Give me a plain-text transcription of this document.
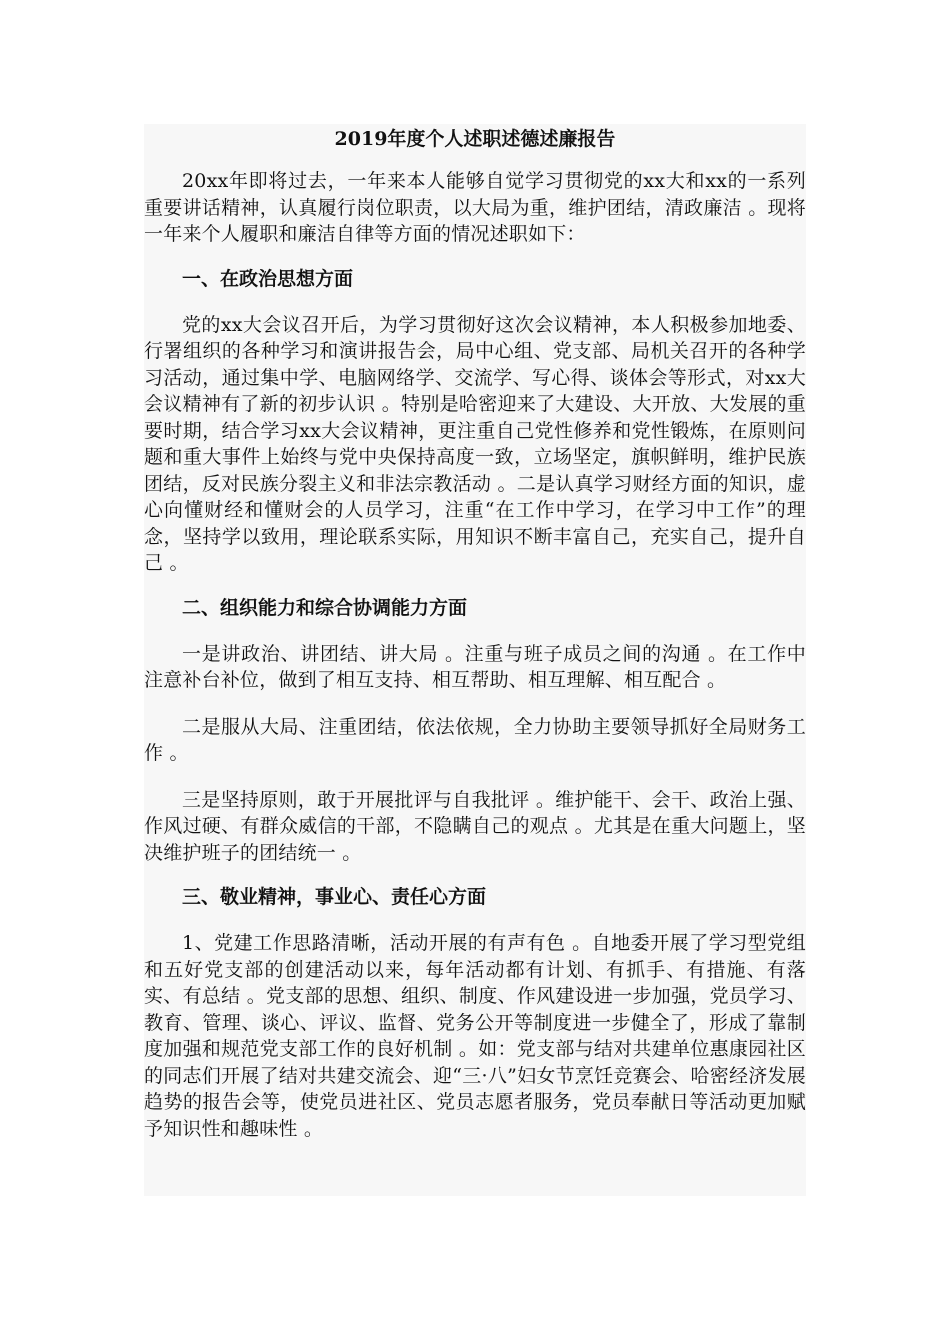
2019年度个人述职述德述廉报告

20xx年即将过去，一年来本人能够自觉学习贯彻党的xx大和xx的一系列重要讲话精神，认真履行岗位职责，以大局为重，维护团结，清政廉洁 。现将一年来个人履职和廉洁自律等方面的情况述职如下：

一、在政治思想方面

党的xx大会议召开后，为学习贯彻好这次会议精神，本人积极参加地委、行署组织的各种学习和演讲报告会，局中心组、党支部、局机关召开的各种学习活动，通过集中学、电脑网络学、交流学、写心得、谈体会等形式，对xx大会议精神有了新的初步认识 。特别是哈密迎来了大建设、大开放、大发展的重要时期，结合学习xx大会议精神，更注重自己党性修养和党性锻炼，在原则问题和重大事件上始终与党中央保持高度一致，立场坚定，旗帜鲜明，维护民族团结，反对民族分裂主义和非法宗教活动 。二是认真学习财经方面的知识，虚心向懂财经和懂财会的人员学习，注重“在工作中学习，在学习中工作”的理念，坚持学以致用，理论联系实际，用知识不断丰富自己，充实自己，提升自己 。

二、组织能力和综合协调能力方面

一是讲政治、讲团结、讲大局 。注重与班子成员之间的沟通 。在工作中注意补台补位，做到了相互支持、相互帮助、相互理解、相互配合 。

二是服从大局、注重团结，依法依规，全力协助主要领导抓好全局财务工作 。

三是坚持原则，敢于开展批评与自我批评 。维护能干、会干、政治上强、作风过硬、有群众威信的干部，不隐瞒自己的观点 。尤其是在重大问题上，坚决维护班子的团结统一 。

三、敬业精神，事业心、责任心方面

1、党建工作思路清晰，活动开展的有声有色 。自地委开展了学习型党组和五好党支部的创建活动以来，每年活动都有计划、有抓手、有措施、有落实、有总结 。党支部的思想、组织、制度、作风建设进一步加强，党员学习、教育、管理、谈心、评议、监督、党务公开等制度进一步健全了，形成了靠制度加强和规范党支部工作的良好机制 。如：党支部与结对共建单位惠康园社区的同志们开展了结对共建交流会、迎“三·八”妇女节烹饪竞赛会、哈密经济发展趋势的报告会等，使党员进社区、党员志愿者服务，党员奉献日等活动更加赋予知识性和趣味性 。
